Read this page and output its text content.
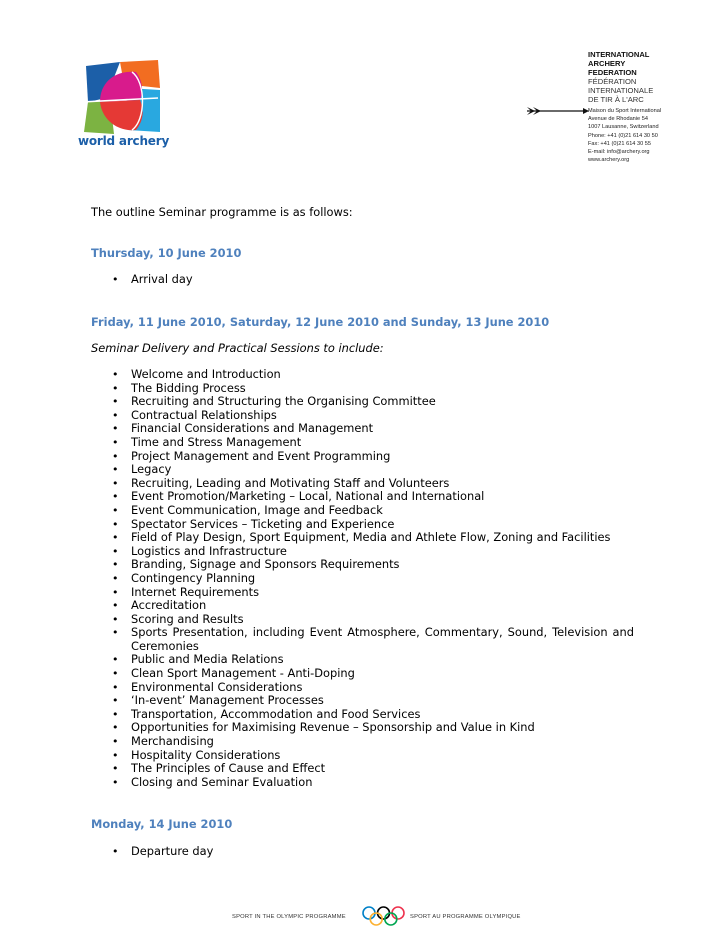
world archery
INTERNATIONAL
ARCHERY
FEDERATION
FÉDÉRATION
INTERNATIONALE
DE TIR À L'ARC
Maison du Sport International
Avenue de Rhodanie 54
1007 Lausanne, Switzerland
Phone: +41 (0)21 614 30 50
Fax: +41 (0)21 614 30 55
E-mail: info@archery.org
www.archery.org
The outline Seminar programme is as follows:
Thursday, 10 June 2010
• Arrival day
Friday, 11 June 2010, Saturday, 12 June 2010 and Sunday, 13 June 2010
Seminar Delivery and Practical Sessions to include:
• Welcome and Introduction
• The Bidding Process
• Recruiting and Structuring the Organising Committee
• Contractual Relationships
• Financial Considerations and Management
• Time and Stress Management
• Project Management and Event Programming
• Legacy
• Recruiting, Leading and Motivating Staff and Volunteers
• Event Promotion/Marketing – Local, National and International
• Event Communication, Image and Feedback
• Spectator Services – Ticketing and Experience
• Field of Play Design, Sport Equipment, Media and Athlete Flow, Zoning and Facilities
• Logistics and Infrastructure
• Branding, Signage and Sponsors Requirements
• Contingency Planning
• Internet Requirements
• Accreditation
• Scoring and Results
• Sports Presentation, including Event Atmosphere, Commentary, Sound, Television and
Ceremonies
• Public and Media Relations
• Clean Sport Management - Anti-Doping
• Environmental Considerations
• ‘In-event’ Management Processes
• Transportation, Accommodation and Food Services
• Opportunities for Maximising Revenue – Sponsorship and Value in Kind
• Merchandising
• Hospitality Considerations
• The Principles of Cause and Effect
• Closing and Seminar Evaluation
Monday, 14 June 2010
• Departure day
SPORT IN THE OLYMPIC PROGRAMME	SPORT AU PROGRAMME OLYMPIQUE
